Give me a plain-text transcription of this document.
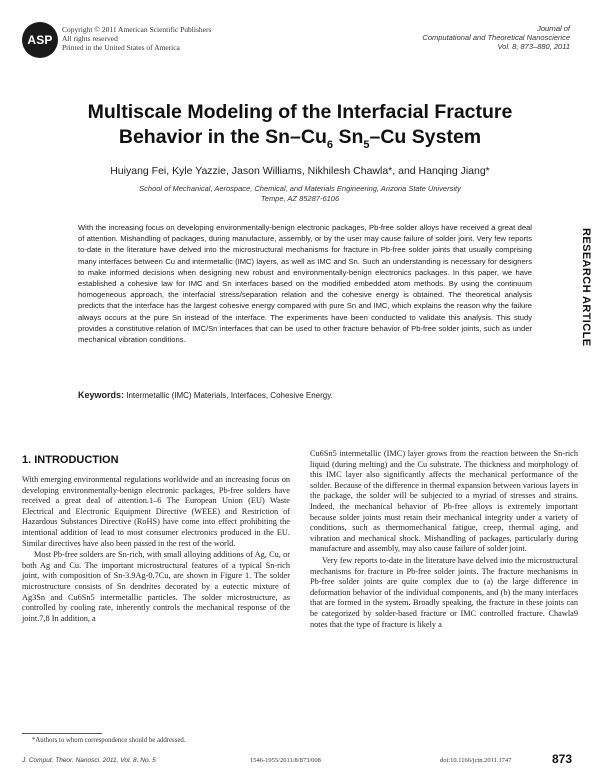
ASP
Copyright © 2011 American Scientific Publishers
All rights reserved
Printed in the United States of America
Journal of
Computational and Theoretical Nanoscience
Vol. 8, 873–880, 2011
Multiscale Modeling of the Interfacial Fracture
Behavior in the $Sn-Cu_6$ $Sn_5-Cu$ System
Huiyang Fei, Kyle Yazzie, Jason Williams, Nikhilesh Chawla*, and Hanqing Jiang*
School of Mechanical, Aerospace, Chemical, and Materials Engineering, Arizona State University
Tempe, AZ 85287-6106
With the increasing focus on developing environmentally-benign electronic packages, Pb-free solder alloys have received a great deal of attention. Mishandling of packages, during manufacture, assembly, or by the user may cause failure of solder joint. Very few reports to-date in the literature have delved into the microstructural mechanisms for fracture in Pb-free solder joints that usually comprising many interfaces between Cu and intermetallic (IMC) layers, as well as IMC and Sn. Such an understanding is necessary for designers to make informed decisions when designing new robust and environmentally-benign electronics packages. In this paper, we have established a cohesive law for IMC and Sn interfaces based on the modified embedded atom methods. By using the continuum homogeneous approach, the interfacial stress/separation relation and the cohesive energy is obtained. The theoretical analysis predicts that the interface has the largest cohesive energy compared with pure Sn and IMC, which explains the reason why the failure always occurs at the pure Sn instead of the interface. The experiments have been conducted to validate this analysis. This study provides a constitutive relation of IMC/Sn interfaces that can be used to other fracture behavior of Pb-free solder joints, such as under mechanical vibration conditions.
Keywords: Intermetallic (IMC) Materials, Interfaces, Cohesive Energy.
RESEARCH ARTICLE
1. INTRODUCTION

With emerging environmental regulations worldwide and an increasing focus on developing environmentally-benign electronic packages, Pb-free solders have received a great deal of attention.1–6 The European Union (EU) Waste Electrical and Electronic Equipment Directive (WEEE) and Restriction of Hazardous Substances Directive (RoHS) have come into effect prohibiting the intentional addition of lead to most consumer electronics produced in the EU. Similar directives have also been passed in the rest of the world.

Most Pb-free solders are Sn-rich, with small alloying additions of Ag, Cu, or both Ag and Cu. The important microstructural features of a typical Sn-rich joint, with composition of Sn-3.9Ag-0.7Cu, are shown in Figure 1. The solder microstructure consists of Sn dendrites decorated by a eutectic mixture of Ag3Sn and Cu6Sn5 intermetallic particles. The solder microstructure, as controlled by cooling rate, inherently controls the mechanical response of the joint.7,8 In addition, a

Cu6Sn5 intermetallic (IMC) layer grows from the reaction between the Sn-rich liquid (during melting) and the Cu substrate. The thickness and morphology of this IMC layer also significantly affects the mechanical performance of the solder. Because of the difference in thermal expansion between various layers in the package, the solder will be subjected to a myriad of stresses and strains. Indeed, the mechanical behavior of Pb-free alloys is extremely important because solder joints must retain their mechanical integrity under a variety of conditions, such as thermomechanical fatigue, creep, thermal aging, and vibration and mechanical shock. Mishandling of packages, particularly during manufacture and assembly, may also cause failure of solder joint.

Very few reports to-date in the literature have delved into the microstructural mechanisms for fracture in Pb-free solder joints. The fracture mechanisms in Pb-free solder joints are quite complex due to (a) the large difference in deformation behavior of the individual components, and (b) the many interfaces that are formed in the system. Broadly speaking, the fracture in these joints can be categorized by solder-based fracture or IMC controlled fracture. Chawla9 notes that the type of fracture is likely a

*Authors to whom correspondence should be addressed.
J. Comput. Theor. Nanosci. 2011, Vol. 8, No. 5	1546-1955/2011/8/873/008	doi:10.1166/jctn.2011.1747	873
